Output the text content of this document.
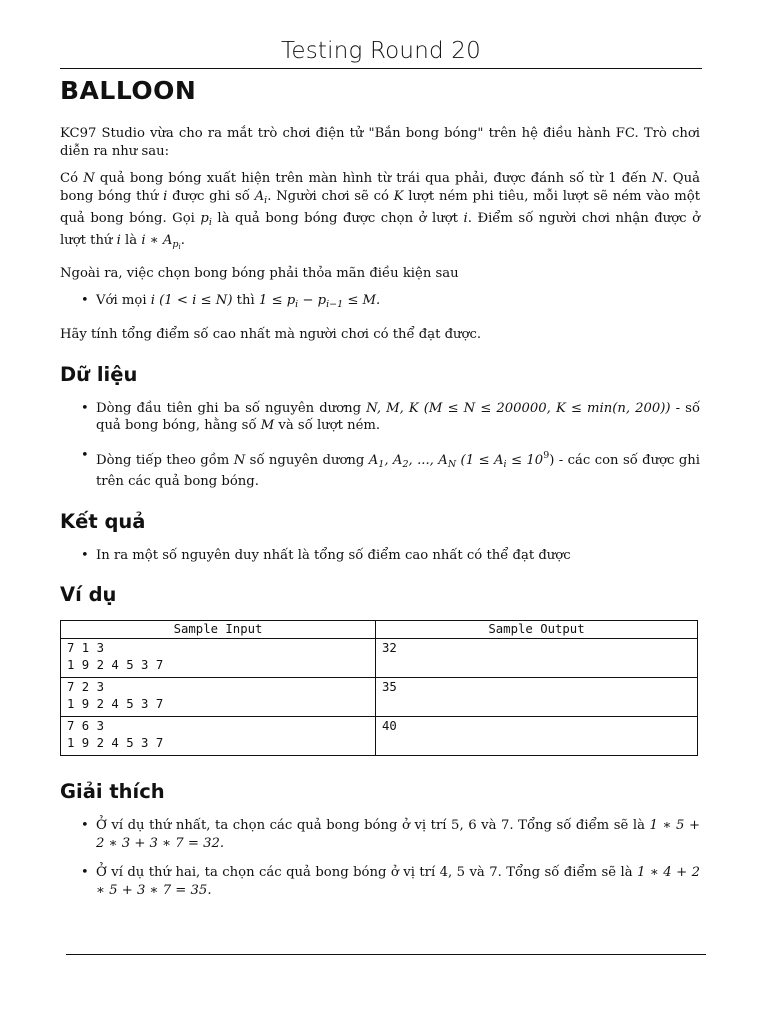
Testing Round 20
BALLOON

KC97 Studio vừa cho ra mắt trò chơi điện tử "Bắn bong bóng" trên hệ điều hành FC. Trò chơi diễn ra như sau:

Có N quả bong bóng xuất hiện trên màn hình từ trái qua phải, được đánh số từ 1 đến N. Quả bong bóng thứ i được ghi số $A_i$. Người chơi sẽ có K lượt ném phi tiêu, mỗi lượt sẽ ném vào một quả bong bóng. Gọi $p_i$ là quả bong bóng được chọn ở lượt i. Điểm số người chơi nhận được ở lượt thứ i là i ∗ $A_{p_i}$.

Ngoài ra, việc chọn bong bóng phải thỏa mãn điều kiện sau

• Với mọi i (1 < i ≤ N) thì $1 \le p_i - p_{i-1} \le M$.

Hãy tính tổng điểm số cao nhất mà người chơi có thể đạt được.

Dữ liệu
• Dòng đầu tiên ghi ba số nguyên dương N, M, K (M ≤ N ≤ 200000, K ≤ min(n, 200)) - số quả bong bóng, hằng số M và số lượt ném.
• Dòng tiếp theo gồm N số nguyên dương $A_1$, $A_2$, ..., $A_N$ $(1 \le A_i \le 10^9)$ - các con số được ghi trên các quả bong bóng.
Kết quả
• In ra một số nguyên duy nhất là tổng số điểm cao nhất có thể đạt được
Ví dụ
Sample Input	Sample Output
7 1 3
1 9 2 4 5 3 7	32
7 2 3
1 9 2 4 5 3 7	35
7 6 3
1 9 2 4 5 3 7	40
Giải thích
• Ở ví dụ thứ nhất, ta chọn các quả bong bóng ở vị trí 5, 6 và 7. Tổng số điểm sẽ là 1 ∗ 5 + 2 ∗ 3 + 3 ∗ 7 = 32.
• Ở ví dụ thứ hai, ta chọn các quả bong bóng ở vị trí 4, 5 và 7. Tổng số điểm sẽ là 1 ∗ 4 + 2 ∗ 5 + 3 ∗ 7 = 35.
